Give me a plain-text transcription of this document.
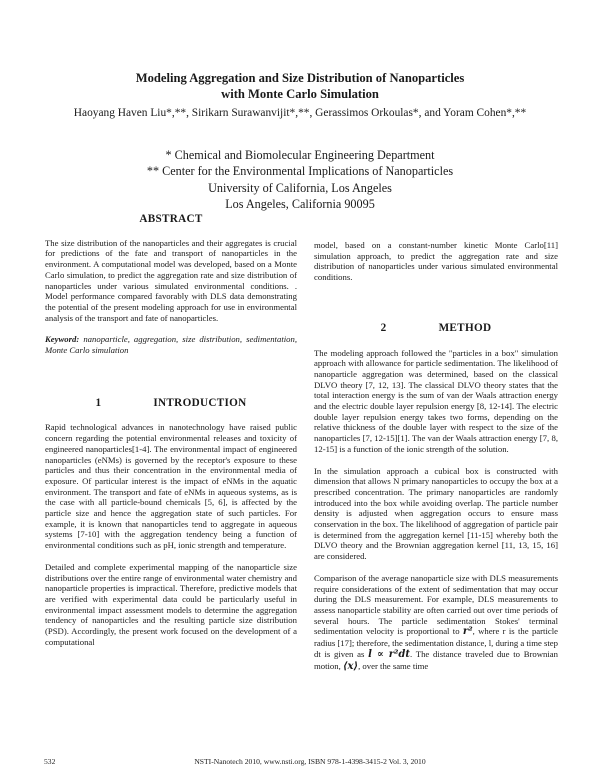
Modeling Aggregation and Size Distribution of Nanoparticles
with Monte Carlo Simulation
Haoyang Haven Liu*,**, Sirikarn Surawanvijit*,**, Gerassimos Orkoulas*, and Yoram Cohen*,**
* Chemical and Biomolecular Engineering Department
** Center for the Environmental Implications of Nanoparticles
University of California, Los Angeles
Los Angeles, California 90095
ABSTRACT

The size distribution of the nanoparticles and their aggregates is crucial for predictions of the fate and transport of nanoparticles in the environment. A computational model was developed, based on a Monte Carlo simulation, to predict the aggregation rate and size distribution of nanoparticles under various simulated environmental conditions. . Model performance compared favorably with DLS data demonstrating the potential of the present modeling approach for use in environmental analysis of the transport and fate of nanoparticles.

Keyword: nanoparticle, aggregation, size distribution, sedimentation, Monte Carlo simulation

1	INTRODUCTION

Rapid technological advances in nanotechnology have raised public concern regarding the potential environmental releases and toxicity of engineered nanoparticles[1-4]. The environmental impact of engineered nanoparticles (eNMs) is governed by the receptor's exposure to these particles and thus their concentration in the environmental media of exposure. Of particular interest is the impact of eNMs in the aquatic environment. The transport and fate of eNMs in aqueous systems, as is the case with all particle-bound chemicals [5, 6], is affected by the particle size and hence the aggregation state of such particles. For example, it is known that nanoparticles tend to aggregate in aqueous systems [7-10] with the aggregation tendency being a function of environmental conditions such as pH, ionic strength and temperature.

Detailed and complete experimental mapping of the nanoparticle size distributions over the entire range of environmental water chemistry and nanoparticle properties is impractical. Therefore, predictive models that are verified with experimental data could be particularly useful in environmental impact assessment models to determine the aggregation tendency of nanoparticles and the resulting particle size distribution (PSD). Accordingly, the present work focused on the development of a computational

model, based on a constant-number kinetic Monte Carlo[11] simulation approach, to predict the aggregation rate and size distribution of nanoparticles under various simulated environmental conditions.

2	METHOD

The modeling approach followed the "particles in a box" simulation approach with allowance for particle sedimentation. The likelihood of nanoparticle aggregation was determined, based on the classical DLVO theory [7, 12, 13]. The classical DLVO theory states that the total interaction energy is the sum of van der Waals attraction energy and the electric double layer repulsion energy [8, 12-14]. The electric double layer repulsion energy takes two forms, depending on the relative thickness of the double layer with respect to the size of the nanoparticles [7, 12-15][1]. The van der Waals attraction energy [7, 8, 12-15] is a function of the ionic strength of the solution.

In the simulation approach a cubical box is constructed with dimension that allows N primary nanoparticles to occupy the box at a prescribed concentration. The primary nanoparticles are randomly introduced into the box while avoiding overlap. The particle number density is adjusted when aggregation occurs to ensure mass conservation in the box. The likelihood of aggregation of particle pair is determined from the aggregation kernel [11-15] whereby both the DLVO theory and the Brownian aggregation kernel [11, 13, 15, 16] are considered.

Comparison of the average nanoparticle size with DLS measurements require considerations of the extent of sedimentation that may occur during the DLS measurement. For example, DLS measurements to assess nanoparticle stability are often carried out over time periods of several hours. The particle sedimentation Stokes' terminal sedimentation velocity is proportional to r², where r is the particle radius [17]; therefore, the sedimentation distance, l, during a time step dt is given as l ∝ r²dt. The distance traveled due to Brownian motion, ⟨x⟩, over the same time

532	NSTI-Nanotech 2010, www.nsti.org, ISBN 978-1-4398-3415-2 Vol. 3, 2010
